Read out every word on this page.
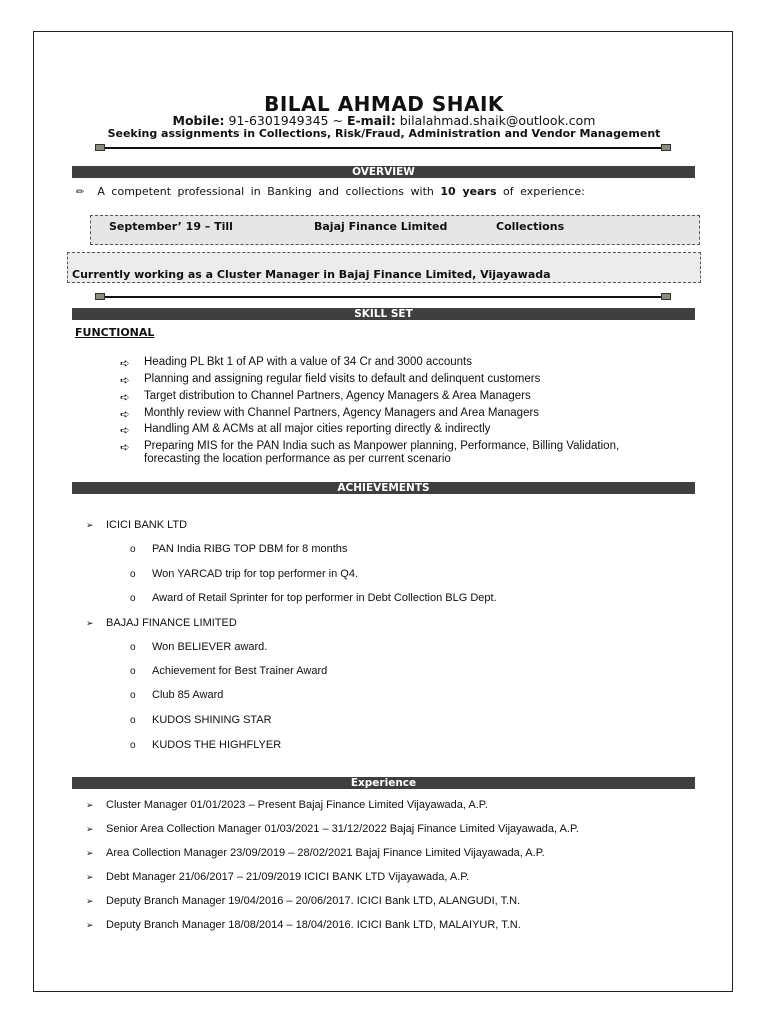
BILAL AHMAD SHAIK
Mobile: 91-6301949345 ~ E-mail: bilalahmad.shaik@outlook.com
Seeking assignments in Collections, Risk/Fraud, Administration and Vendor Management
OVERVIEW
✏ A competent professional in Banking and collections with 10 years of experience:
September’ 19 – Till	Bajaj Finance Limited	Collections
Currently working as a Cluster Manager in Bajaj Finance Limited, Vijayawada
SKILL SET
FUNCTIONAL
➪ Heading PL Bkt 1 of AP with a value of 34 Cr and 3000 accounts
➪ Planning and assigning regular field visits to default and delinquent customers
➪ Target distribution to Channel Partners, Agency Managers & Area Managers
➪ Monthly review with Channel Partners, Agency Managers and Area Managers
➪ Handling AM & ACMs at all major cities reporting directly & indirectly
➪ Preparing MIS for the PAN India such as Manpower planning, Performance, Billing Validation,
forecasting the location performance as per current scenario
ACHIEVEMENTS
➢ ICICI BANK LTD
o PAN India RIBG TOP DBM for 8 months
o Won YARCAD trip for top performer in Q4.
o Award of Retail Sprinter for top performer in Debt Collection BLG Dept.
➢ BAJAJ FINANCE LIMITED
o Won BELIEVER award.
o Achievement for Best Trainer Award
o Club 85 Award
o KUDOS SHINING STAR
o KUDOS THE HIGHFLYER
Experience
➢ Cluster Manager 01/01/2023 – Present Bajaj Finance Limited Vijayawada, A.P.
➢ Senior Area Collection Manager 01/03/2021 – 31/12/2022 Bajaj Finance Limited Vijayawada, A.P.
➢ Area Collection Manager 23/09/2019 – 28/02/2021 Bajaj Finance Limited Vijayawada, A.P.
➢ Debt Manager 21/06/2017 – 21/09/2019 ICICI BANK LTD Vijayawada, A.P.
➢ Deputy Branch Manager 19/04/2016 – 20/06/2017. ICICI Bank LTD, ALANGUDI, T.N.
➢ Deputy Branch Manager 18/08/2014 – 18/04/2016. ICICI Bank LTD, MALAIYUR, T.N.
